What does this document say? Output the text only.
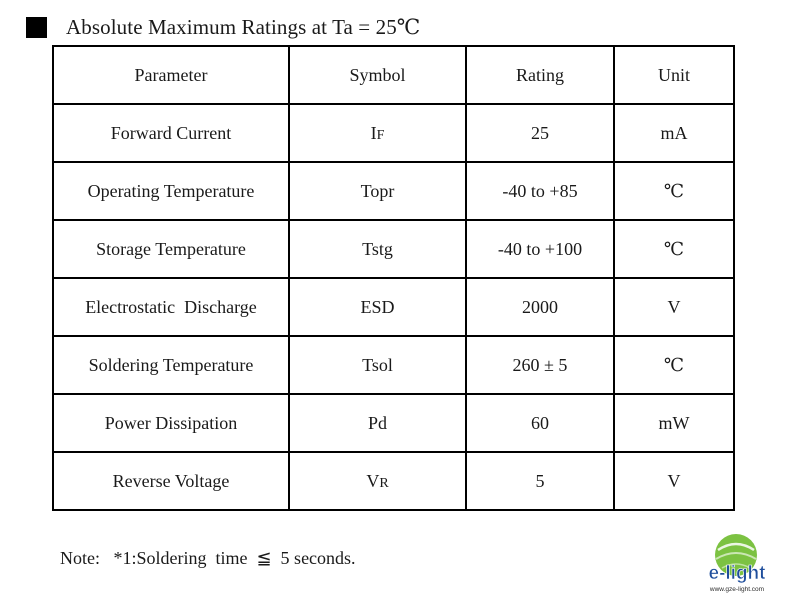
Absolute Maximum Ratings at Ta = 25℃
Parameter	Symbol	Rating	Unit
Forward Current	IF	25	mA
Operating Temperature	Topr	-40 to +85	℃
Storage Temperature	Tstg	-40 to +100	℃
Electrostatic  Discharge	ESD	2000	V
Soldering Temperature	Tsol	260 ± 5	℃
Power Dissipation	Pd	60	mW
Reverse Voltage	VR	5	V
Note:   *1:Soldering  time  ≦  5 seconds.
e-light
www.gze-light.com
